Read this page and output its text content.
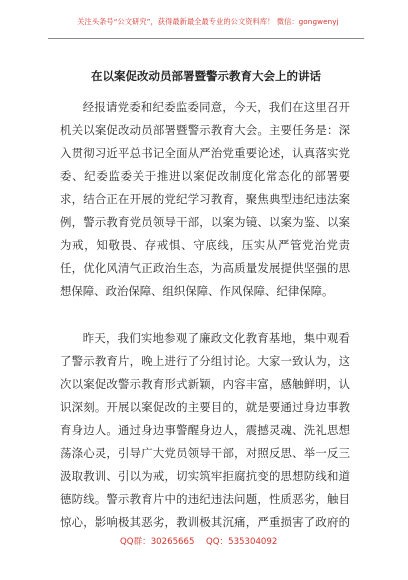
关注头条号“公文研究”，获得最新最全最专业的公文资料库！ 微信：gongwenyj
在以案促改动员部署暨警示教育大会上的讲话

经报请党委和纪委监委同意，今天，我们在这里召开机关以案促改动员部署暨警示教育大会。主要任务是：深入贯彻习近平总书记全面从严治党重要论述，认真落实党委、纪委监委关于推进以案促改制度化常态化的部署要求，结合正在开展的党纪学习教育，聚焦典型违纪违法案例，警示教育党员领导干部，以案为镜、以案为鉴、以案为戒，知敬畏、存戒惧、守底线，压实从严管党治党责任，优化风清气正政治生态，为高质量发展提供坚强的思想保障、政治保障、组织保障、作风保障、纪律保障。

昨天，我们实地参观了廉政文化教育基地，集中观看了警示教育片，晚上进行了分组讨论。大家一致认为，这次以案促改警示教育形式新颖，内容丰富，感触鲜明，认识深刻。开展以案促改的主要目的，就是要通过身边事教育身边人。通过身边事警醒身边人，震撼灵魂、洗礼思想荡涤心灵，引导广大党员领导干部，对照反思、举一反三汲取教训、引以为戒，切实筑牢拒腐抗变的思想防线和道德防线。警示教育片中的违纪违法问题，性质恶劣，触目惊心，影响极其恶劣，教训极其沉痛，严重损害了政府的

QQ群：30265665 QQ：535304092
